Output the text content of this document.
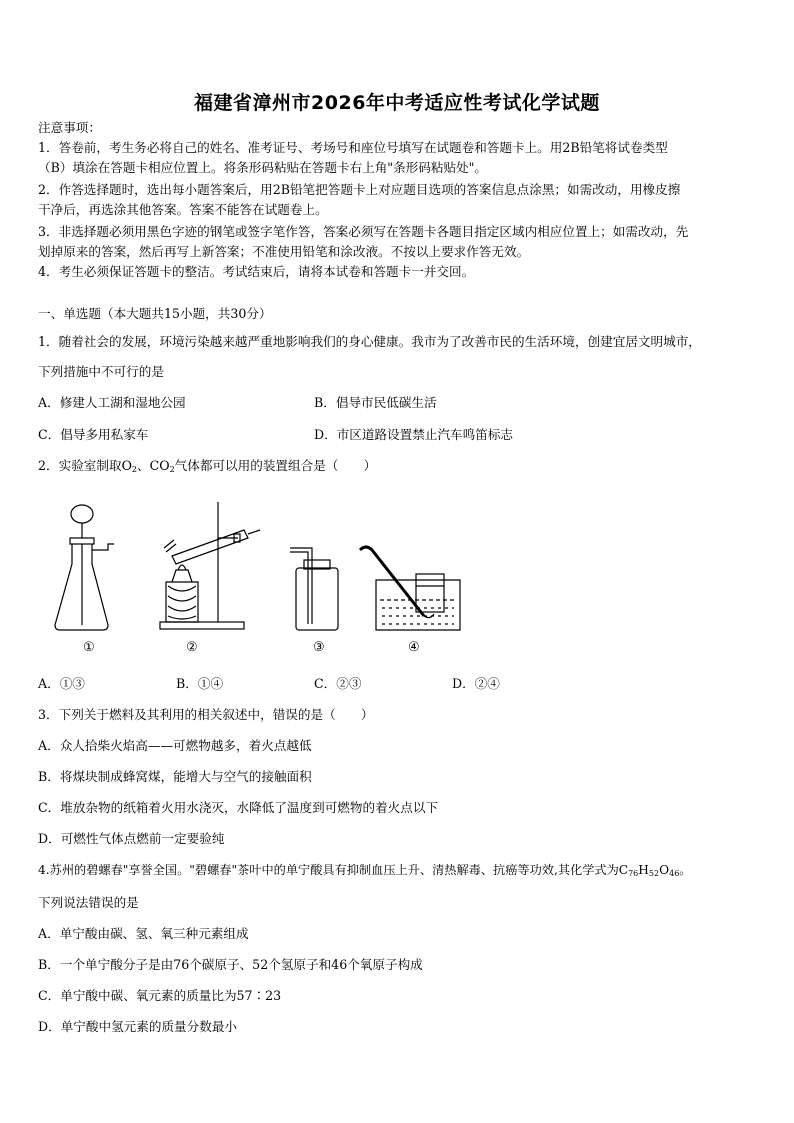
福建省漳州市2026年中考适应性考试化学试题
注意事项：
1．答卷前，考生务必将自己的姓名、准考证号、考场号和座位号填写在试题卷和答题卡上。用2B铅笔将试卷类型
（B）填涂在答题卡相应位置上。将条形码粘贴在答题卡右上角"条形码粘贴处"。
2．作答选择题时，选出每小题答案后，用2B铅笔把答题卡上对应题目选项的答案信息点涂黑；如需改动，用橡皮擦
干净后，再选涂其他答案。答案不能答在试题卷上。
3．非选择题必须用黑色字迹的钢笔或签字笔作答，答案必须写在答题卡各题目指定区域内相应位置上；如需改动，先
划掉原来的答案，然后再写上新答案；不准使用铅笔和涂改液。不按以上要求作答无效。
4．考生必须保证答题卡的整洁。考试结束后，请将本试卷和答题卡一并交回。
一、单选题（本大题共15小题，共30分）
1．随着社会的发展，环境污染越来越严重地影响我们的身心健康。我市为了改善市民的生活环境，创建宜居文明城市，
下列措施中不可行的是
A．修建人工湖和湿地公园	B．倡导市民低碳生活
C．倡导多用私家车	D．市区道路设置禁止汽车鸣笛标志
2．实验室制取$O_2$、$CO_2$气体都可以用的装置组合是（　　）
①	②	③	④
A．①③	B．①④	C．②③	D．②④
3．下列关于燃料及其利用的相关叙述中，错误的是（　　）
A．众人拾柴火焰高——可燃物越多，着火点越低
B．将煤块制成蜂窝煤，能增大与空气的接触面积
C．堆放杂物的纸箱着火用水浇灭，水降低了温度到可燃物的着火点以下
D．可燃性气体点燃前一定要验纯
4.苏州的碧螺春"享誉全国。"碧螺春"茶叶中的单宁酸具有抑制血压上升、清热解毒、抗癌等功效,其化学式为$C_{76}H_{52}O_{46}$。
下列说法错误的是
A．单宁酸由碳、氢、氧三种元素组成
B．一个单宁酸分子是由76个碳原子、52个氢原子和46个氧原子构成
C．单宁酸中碳、氧元素的质量比为57∶23
D．单宁酸中氢元素的质量分数最小
